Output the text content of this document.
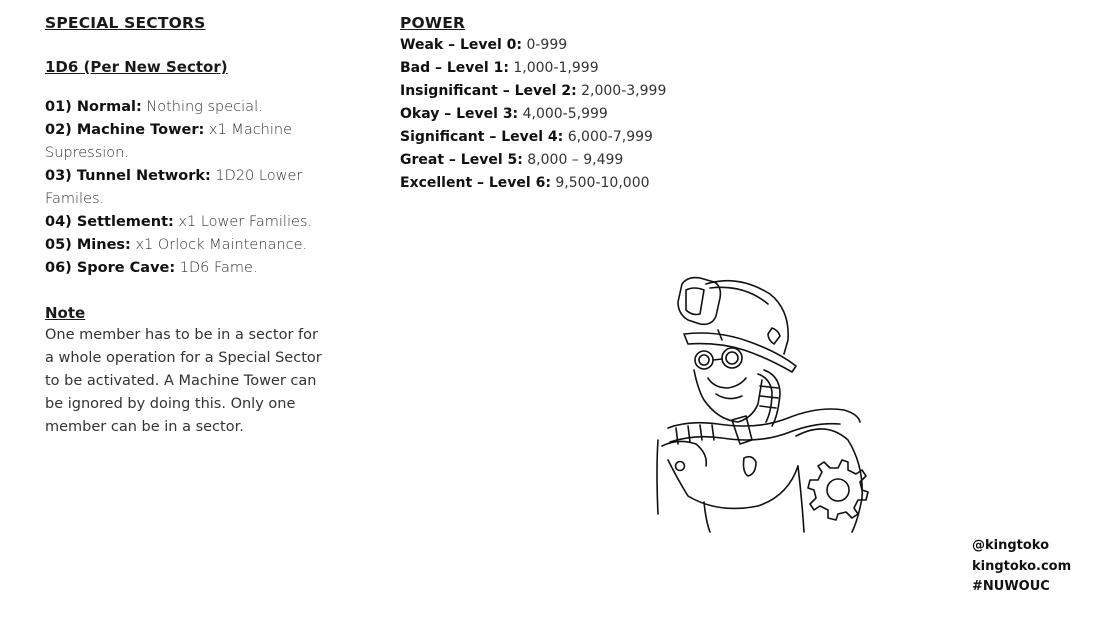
SPECIAL SECTORS

1D6 (Per New Sector)

01) Normal: Nothing special.
02) Machine Tower: x1 Machine Supression.
03) Tunnel Network: 1D20 Lower Familes.
04) Settlement: x1 Lower Families.
05) Mines: x1 Orlock Maintenance.
06) Spore Cave: 1D6 Fame.

Note

One member has to be in a sector for a whole operation for a Special Sector to be activated. A Machine Tower can be ignored by doing this. Only one member can be in a sector.

POWER
Weak – Level 0: 0-999
Bad – Level 1: 1,000-1,999
Insignificant – Level 2: 2,000-3,999
Okay – Level 3: 4,000-5,999
Significant – Level 4: 6,000-7,999
Great – Level 5: 8,000 – 9,499
Excellent – Level 6: 9,500-10,000
@kingtoko
kingtoko.com
#NUWOUC
